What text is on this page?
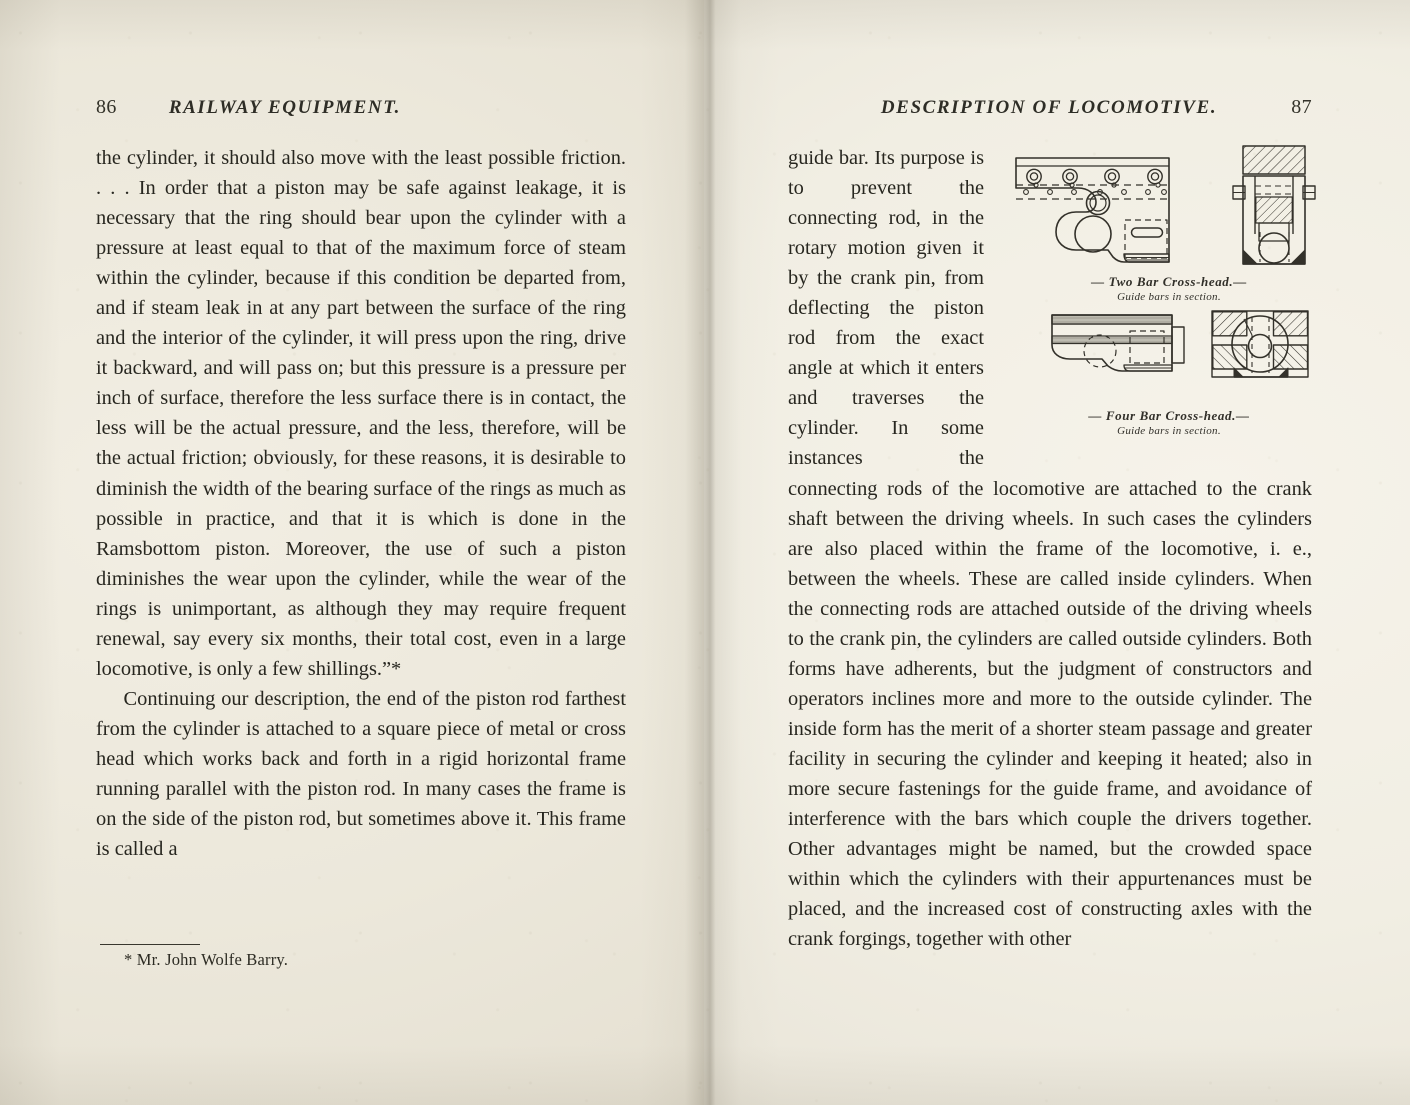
86	RAILWAY EQUIPMENT.	DESCRIPTION OF LOCOMOTIVE.	87

the cylinder, it should also move with the least possible friction. . . . In order that a piston may be safe against leakage, it is necessary that the ring should bear upon the cylinder with a pressure at least equal to that of the maximum force of steam within the cylinder, because if this condition be departed from, and if steam leak in at any part between the surface of the ring and the interior of the cylinder, it will press upon the ring, drive it backward, and will pass on; but this pressure is a pressure per inch of surface, therefore the less surface there is in contact, the less will be the actual pressure, and the less, therefore, will be the actual friction; obviously, for these reasons, it is desirable to diminish the width of the bearing surface of the rings as much as possible in practice, and that it is which is done in the Ramsbottom piston. Moreover, the use of such a piston diminishes the wear upon the cylinder, while the wear of the rings is unimportant, as although they may require frequent renewal, say every six months, their total cost, even in a large locomotive, is only a few shillings.”*

Continuing our description, the end of the piston rod farthest from the cylinder is attached to a square piece of metal or cross head which works back and forth in a rigid horizontal frame running parallel with the piston rod. In many cases the frame is on the side of the piston rod, but sometimes above it. This frame is called a

* Mr. John Wolfe Barry.

guide bar. Its purpose is to prevent the connecting rod, in the rotary motion given it by the crank pin, from deflecting the piston rod from the exact angle at which it enters and traverses the cylinder. In some instances the connecting rods of the locomotive are attached to the crank shaft between the driving wheels. In such cases the cylinders are also placed within the frame of the locomotive, i. e., between the wheels. These are called inside cylinders. When the connecting rods are attached outside of the driving wheels to the crank pin, the cylinders are called outside cylinders. Both forms have adherents, but the judgment of constructors and operators inclines more and more to the outside cylinder. The inside form has the merit of a shorter steam passage and greater facility in securing the cylinder and keeping it heated; also in more secure fastenings for the guide frame, and avoidance of interference with the bars which couple the drivers together. Other advantages might be named, but the crowded space within which the cylinders with their appurtenances must be placed, and the increased cost of constructing axles with the crank forgings, together with other

— Two Bar Cross-head.—
Guide bars in section.
— Four Bar Cross-head.—
Guide bars in section.
